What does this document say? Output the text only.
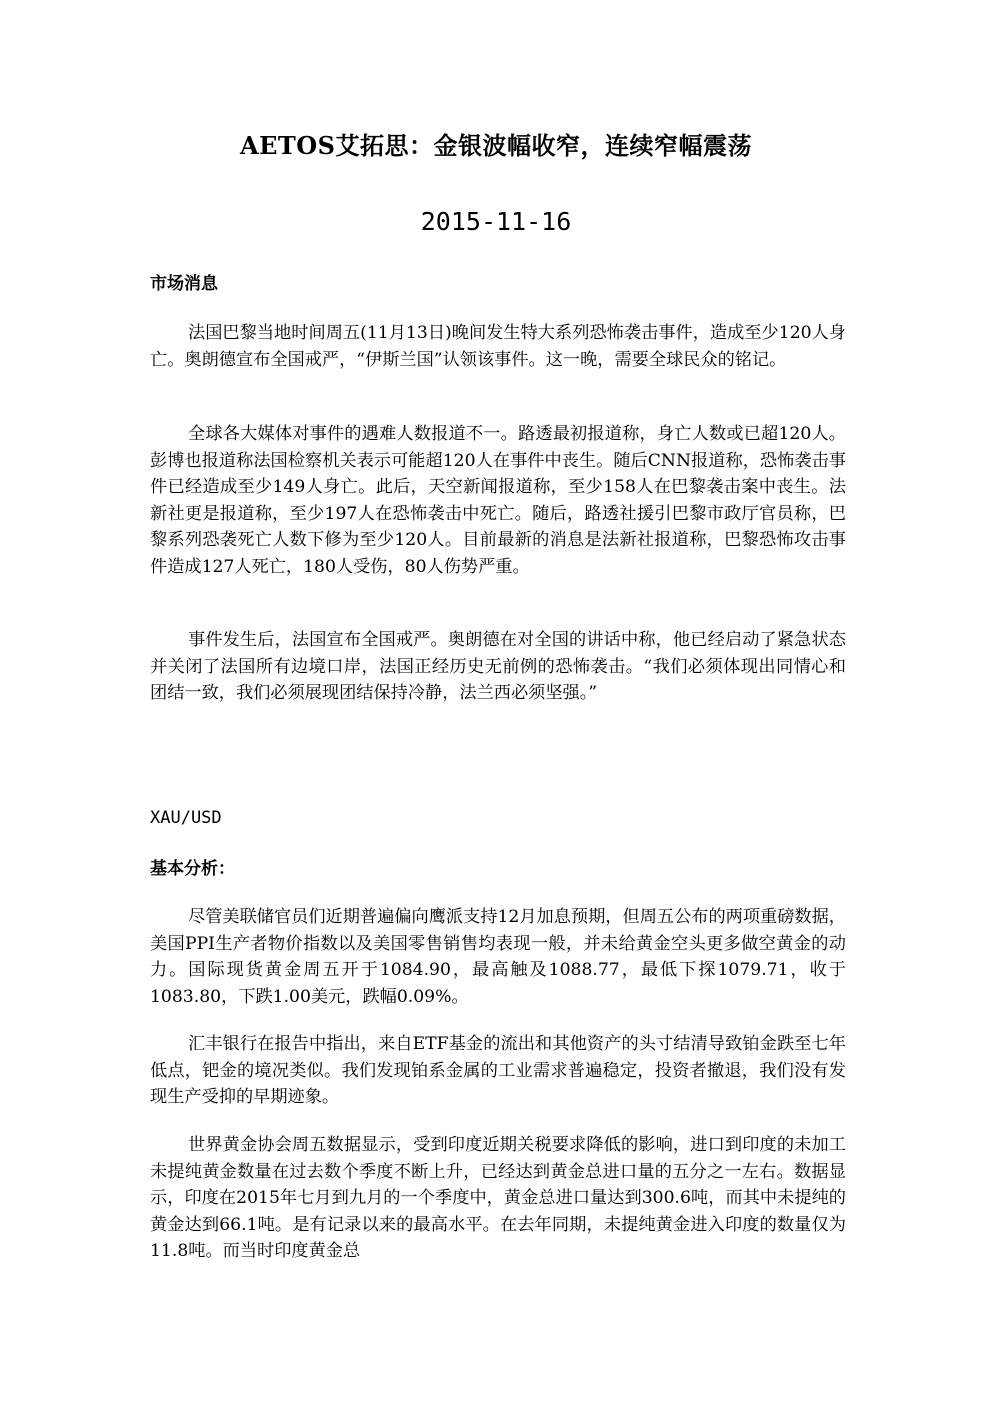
AETOS艾拓思：金银波幅收窄，连续窄幅震荡
2015-11-16
市场消息

法国巴黎当地时间周五(11月13日)晚间发生特大系列恐怖袭击事件，造成至少120人身亡。奥朗德宣布全国戒严，“伊斯兰国”认领该事件。这一晚，需要全球民众的铭记。

全球各大媒体对事件的遇难人数报道不一。路透最初报道称，身亡人数或已超120人。彭博也报道称法国检察机关表示可能超120人在事件中丧生。随后CNN报道称，恐怖袭击事件已经造成至少149人身亡。此后，天空新闻报道称，至少158人在巴黎袭击案中丧生。法新社更是报道称，至少197人在恐怖袭击中死亡。随后，路透社援引巴黎市政厅官员称，巴黎系列恐袭死亡人数下修为至少120人。目前最新的消息是法新社报道称，巴黎恐怖攻击事件造成127人死亡，180人受伤，80人伤势严重。

事件发生后，法国宣布全国戒严。奥朗德在对全国的讲话中称，他已经启动了紧急状态并关闭了法国所有边境口岸，法国正经历史无前例的恐怖袭击。“我们必须体现出同情心和团结一致，我们必须展现团结保持冷静，法兰西必须坚强。”

XAU/USD
基本分析：

尽管美联储官员们近期普遍偏向鹰派支持12月加息预期，但周五公布的两项重磅数据，美国PPI生产者物价指数以及美国零售销售均表现一般，并未给黄金空头更多做空黄金的动力。国际现货黄金周五开于1084.90，最高触及1088.77，最低下探1079.71，收于1083.80，下跌1.00美元，跌幅0.09%。

汇丰银行在报告中指出，来自ETF基金的流出和其他资产的头寸结清导致铂金跌至七年低点，钯金的境况类似。我们发现铂系金属的工业需求普遍稳定，投资者撤退，我们没有发现生产受抑的早期迹象。

世界黄金协会周五数据显示，受到印度近期关税要求降低的影响，进口到印度的未加工未提纯黄金数量在过去数个季度不断上升，已经达到黄金总进口量的五分之一左右。数据显示，印度在2015年七月到九月的一个季度中，黄金总进口量达到300.6吨，而其中未提纯的黄金达到66.1吨。是有记录以来的最高水平。在去年同期，未提纯黄金进入印度的数量仅为11.8吨。而当时印度黄金总
